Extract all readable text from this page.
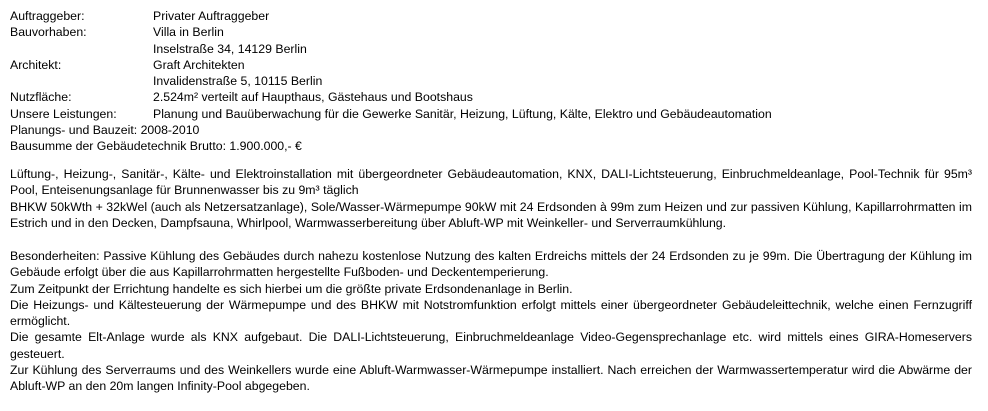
Auftraggeber:	Privater Auftraggeber
Bauvorhaben:	Villa in Berlin
Inselstraße 34, 14129 Berlin
Architekt:	Graft Architekten
Invalidenstraße 5, 10115 Berlin
Nutzfläche:	2.524m² verteilt auf Haupthaus, Gästehaus und Bootshaus
Unsere Leistungen:	Planung und Bauüberwachung für die Gewerke Sanitär, Heizung, Lüftung, Kälte, Elektro und Gebäudeautomation
Planungs- und Bauzeit: 2008-2010
Bausumme der Gebäudetechnik Brutto: 1.900.000,- €

Lüftung-, Heizung-, Sanitär-, Kälte- und Elektroinstallation mit übergeordneter Gebäudeautomation, KNX, DALI-Lichtsteuerung, Einbruchmeldeanlage, Pool-Technik für 95m³ Pool, Enteisenungsanlage für Brunnenwasser bis zu 9m³ täglich

BHKW 50kWth + 32kWel (auch als Netzersatzanlage), Sole/Wasser-Wärmepumpe 90kW mit 24 Erdsonden à 99m zum Heizen und zur passiven Kühlung, Kapillarrohrmatten im Estrich und in den Decken, Dampfsauna, Whirlpool, Warmwasserbereitung über Abluft-WP mit Weinkeller- und Serverraumkühlung.

Besonderheiten: Passive Kühlung des Gebäudes durch nahezu kostenlose Nutzung des kalten Erdreichs mittels der 24 Erdsonden zu je 99m. Die Übertragung der Kühlung im Gebäude erfolgt über die aus Kapillarrohrmatten hergestellte Fußboden- und Deckentemperierung.

Zum Zeitpunkt der Errichtung handelte es sich hierbei um die größte private Erdsondenanlage in Berlin.

Die Heizungs- und Kältesteuerung der Wärmepumpe und des BHKW mit Notstromfunktion erfolgt mittels einer übergeordneter Gebäudeleittechnik, welche einen Fernzugriff ermöglicht.

Die gesamte Elt-Anlage wurde als KNX aufgebaut. Die DALI-Lichtsteuerung, Einbruchmeldeanlage Video-Gegensprechanlage etc. wird mittels eines GIRA-Homeservers gesteuert.

Zur Kühlung des Serverraums und des Weinkellers wurde eine Abluft-Warmwasser-Wärmepumpe installiert. Nach erreichen der Warmwassertemperatur wird die Abwärme der Abluft-WP an den 20m langen Infinity-Pool abgegeben.
